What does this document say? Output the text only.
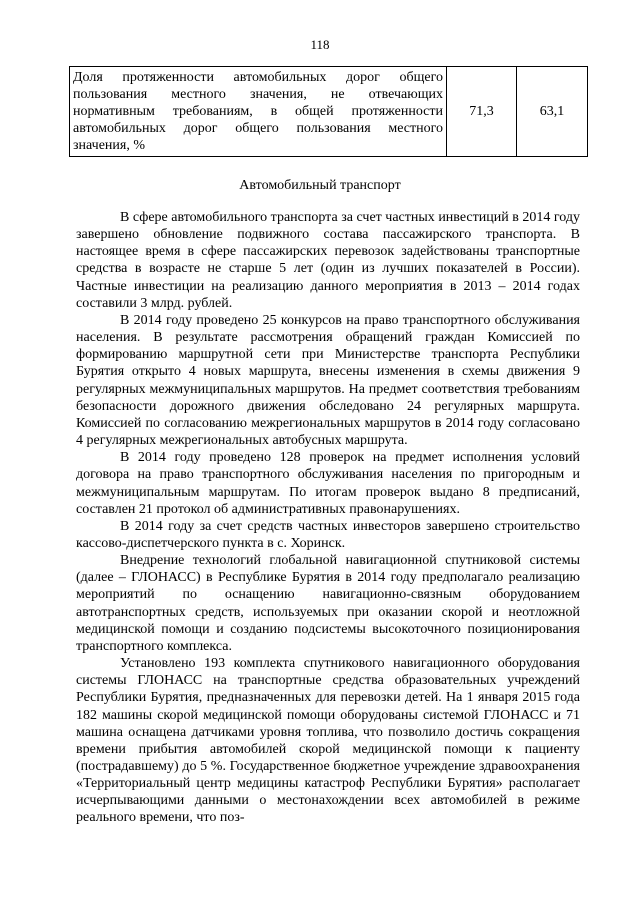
118
Доля протяженности автомобильных дорог общего пользования местного значения, не отвечающих нормативным требованиям, в общей протяженности автомобильных дорог общего пользования местного значения, %	71,3	63,1
Автомобильный транспорт

В сфере автомобильного транспорта за счет частных инвестиций в 2014 году завершено обновление подвижного состава пассажирского транспорта. В настоящее время в сфере пассажирских перевозок задействованы транспортные средства в возрасте не старше 5 лет (один из лучших показателей в России). Частные инвестиции на реализацию данного мероприятия в 2013 – 2014 годах составили 3 млрд. рублей.

В 2014 году проведено 25 конкурсов на право транспортного обслуживания населения. В результате рассмотрения обращений граждан Комиссией по формированию маршрутной сети при Министерстве транспорта Республики Бурятия открыто 4 новых маршрута, внесены изменения в схемы движения 9 регулярных межмуниципальных маршрутов. На предмет соответствия требованиям безопасности дорожного движения обследовано 24 регулярных маршрута. Комиссией по согласованию межрегиональных маршрутов в 2014 году согласовано 4 регулярных межрегиональных автобусных маршрута.

В 2014 году проведено 128 проверок на предмет исполнения условий договора на право транспортного обслуживания населения по пригородным и межмуниципальным маршрутам. По итогам проверок выдано 8 предписаний, составлен 21 протокол об административных правонарушениях.

В 2014 году за счет средств частных инвесторов завершено строительство кассово-диспетчерского пункта в с. Хоринск.

Внедрение технологий глобальной навигационной спутниковой системы (далее – ГЛОНАСС) в Республике Бурятия в 2014 году предполагало реализацию мероприятий по оснащению навигационно-связным оборудованием автотранспортных средств, используемых при оказании скорой и неотложной медицинской помощи и созданию подсистемы высокоточного позиционирования транспортного комплекса.

Установлено 193 комплекта спутникового навигационного оборудования системы ГЛОНАСС на транспортные средства образовательных учреждений Республики Бурятия, предназначенных для перевозки детей. На 1 января 2015 года 182 машины скорой медицинской помощи оборудованы системой ГЛОНАСС и 71 машина оснащена датчиками уровня топлива, что позволило достичь сокращения времени прибытия автомобилей скорой медицинской помощи к пациенту (пострадавшему) до 5 %. Государственное бюджетное учреждение здравоохранения «Территориальный центр медицины катастроф Республики Бурятия» располагает исчерпывающими данными о местонахождении всех автомобилей в режиме реального времени, что поз-
